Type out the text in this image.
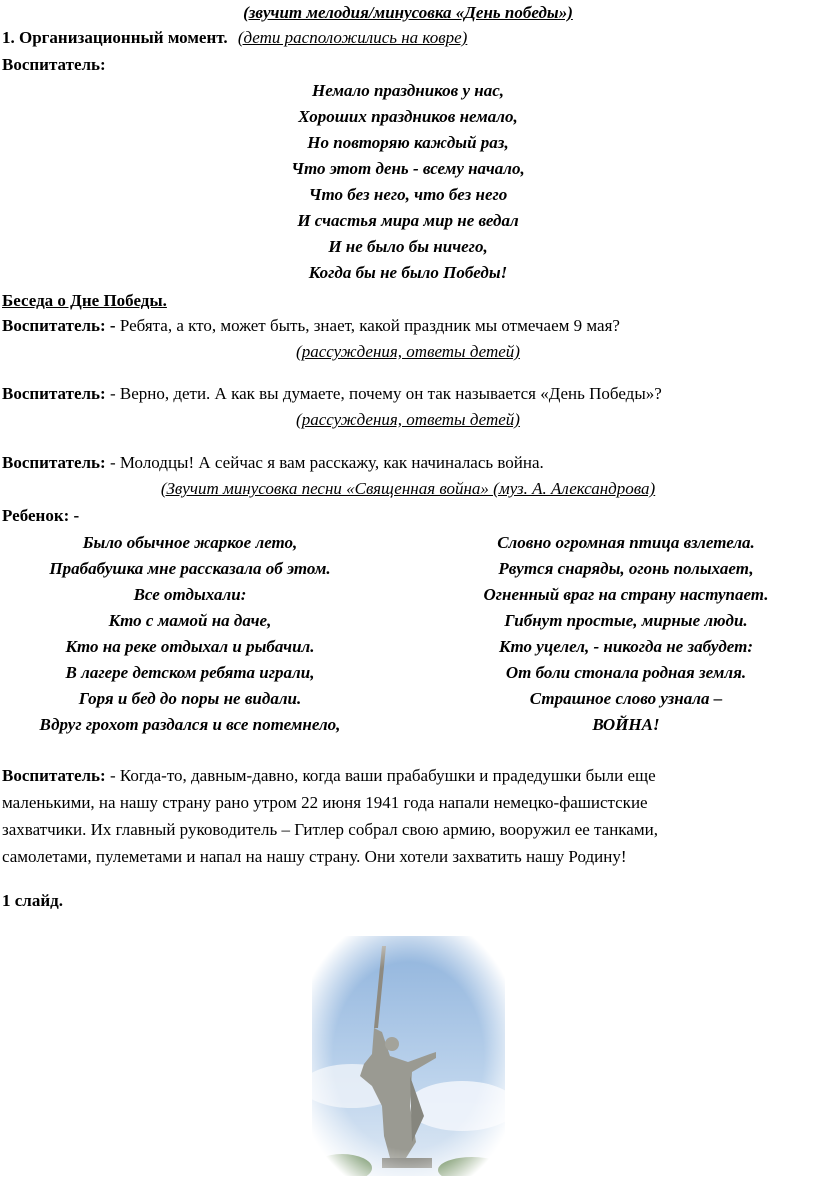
(звучит мелодия/минусовка «День победы»)
1. Организационный момент. (дети расположились на ковре)
Воспитатель:
Немало праздников у нас,
Хороших праздников немало,
Но повторяю каждый раз,
Что этот день - всему начало,
Что без него, что без него
И счастья мира мир не ведал
И не было бы ничего,
Когда бы не было Победы!
Беседа о Дне Победы.
Воспитатель: - Ребята, а кто, может быть, знает, какой праздник мы отмечаем 9 мая?
(рассуждения, ответы детей)
Воспитатель: - Верно, дети. А как вы думаете, почему он так называется «День Победы»?
(рассуждения, ответы детей)
Воспитатель: - Молодцы! А сейчас я вам расскажу, как начиналась война.
(Звучит минусовка песни «Священная война» (муз. А. Александрова)
Ребенок: -
Было обычное жаркое лето,
Прабабушка мне рассказала об этом.
Все отдыхали:
Кто с мамой на даче,
Кто на реке отдыхал и рыбачил.
В лагере детском ребята играли,
Горя и бед до поры не видали.
Вдруг грохот раздался и все потемнело,
Словно огромная птица взлетела.
Рвутся снаряды, огонь полыхает,
Огненный враг на страну наступает.
Гибнут простые, мирные люди.
Кто уцелел, - никогда не забудет:
От боли стонала родная земля.
Страшное слово узнала –
ВОЙНА!
Воспитатель: - Когда-то, давным-давно, когда ваши прабабушки и прадедушки были еще
маленькими, на нашу страну рано утром 22 июня 1941 года напали немецко-фашистские
захватчики. Их главный руководитель – Гитлер собрал свою армию, вооружил ее танками,
самолетами, пулеметами и напал на нашу страну. Они хотели захватить нашу Родину!
1 слайд.
